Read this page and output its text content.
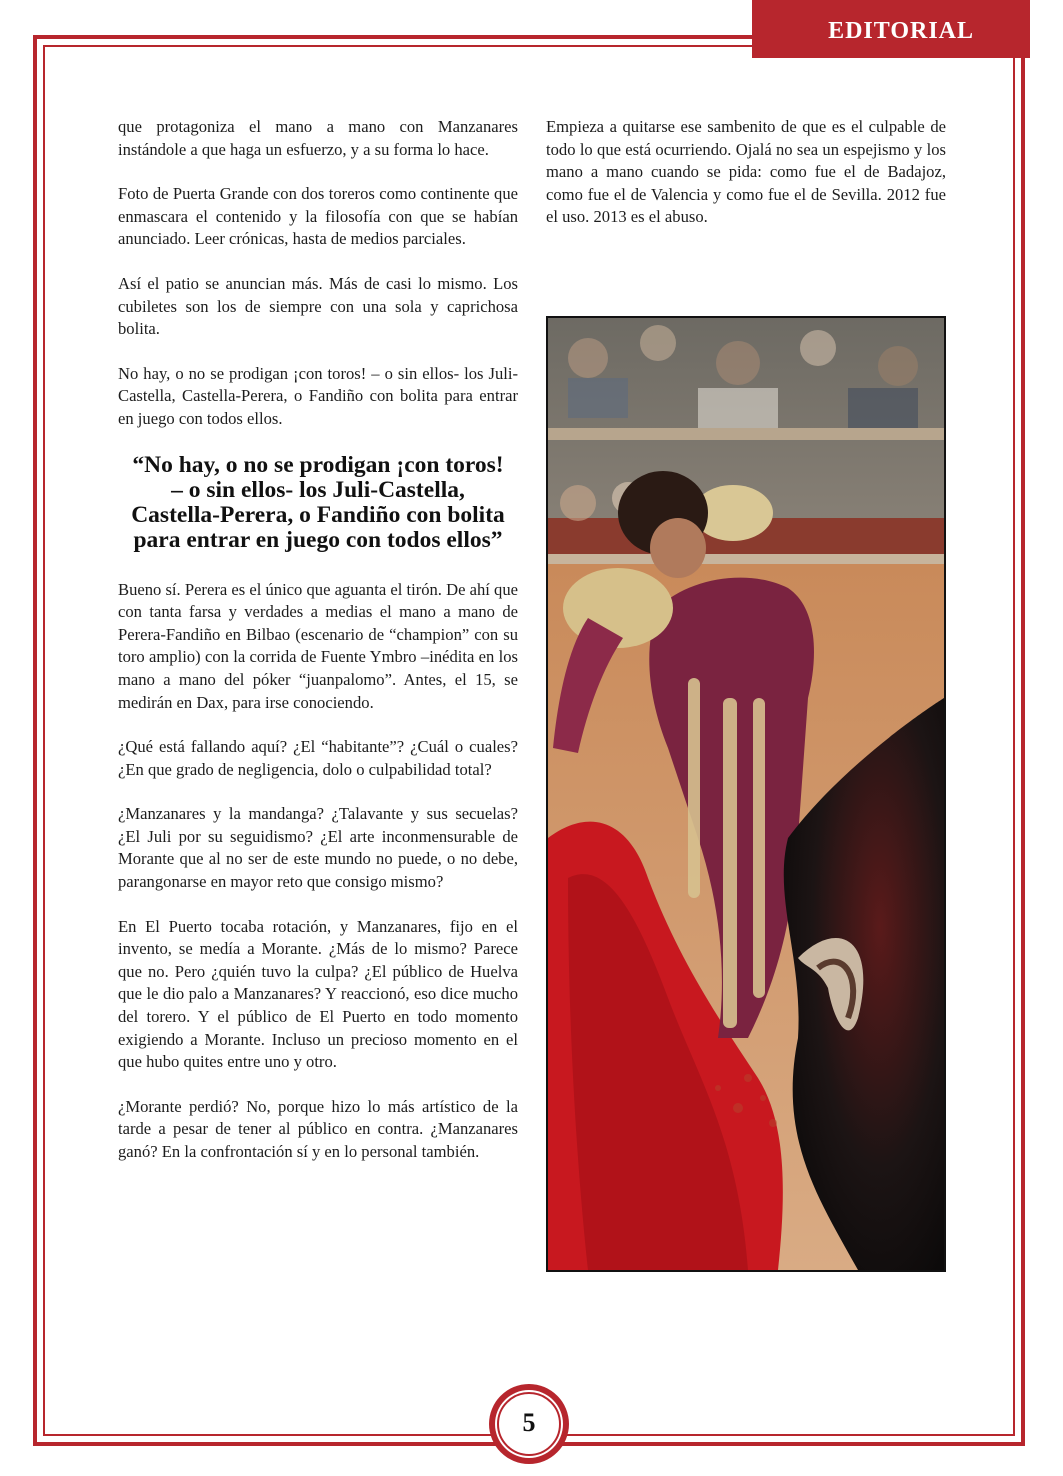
EDITORIAL

que protagoniza el mano a mano con Manzanares instándole a que haga un esfuerzo, y a su forma lo hace.

Foto de Puerta Grande con dos toreros como continente que enmascara el contenido y la filosofía con que se habían anunciado. Leer crónicas, hasta de medios parciales.

Así el patio se anuncian más. Más de casi lo mismo. Los cubiletes son los de siempre con una sola y caprichosa bolita.

No hay, o no se prodigan ¡con toros! – o sin ellos- los Juli-Castella, Castella-Perera, o Fandiño con bolita para entrar en juego con todos ellos.

“No hay, o no se prodigan ¡con toros! – o sin ellos- los Juli-Castella, Castella-Perera, o Fandiño con bolita para entrar en juego con todos ellos”

Bueno sí. Perera es el único que aguanta el tirón. De ahí que con tanta farsa y verdades a medias el mano a mano de Perera-Fandiño en Bilbao (escenario de “champion” con su toro amplio) con la corrida de Fuente Ymbro –inédita en los mano a mano del póker “juanpalomo”. Antes, el 15, se medirán en Dax, para irse conociendo.

¿Qué está fallando aquí? ¿El “habitante”? ¿Cuál o cuales? ¿En que grado de negligencia, dolo o culpabilidad total?

¿Manzanares y la mandanga? ¿Talavante y sus secuelas? ¿El Juli por su seguidismo? ¿El arte inconmensurable de Morante que al no ser de este mundo no puede, o no debe, parangonarse en mayor reto que consigo mismo?

En El Puerto tocaba rotación, y Manzanares, fijo en el invento, se medía a Morante. ¿Más de lo mismo? Parece que no. Pero ¿quién tuvo la culpa? ¿El público de Huelva que le dio palo a Manzanares? Y reaccionó, eso dice mucho del torero. Y el público de El Puerto en todo momento exigiendo a Morante. Incluso un precioso momento en el que hubo quites entre uno y otro.

¿Morante perdió? No, porque hizo lo más artístico de la tarde a pesar de tener al público en contra. ¿Manzanares ganó? En la confrontación sí y en lo personal también.

Empieza a quitarse ese sambenito de que es el culpable de todo lo que está ocurriendo. Ojalá no sea un espejismo y los mano a mano cuando se pida: como fue el de Badajoz, como fue el de Valencia y como fue el de Sevilla. 2012 fue el uso. 2013 es el abuso.

5
